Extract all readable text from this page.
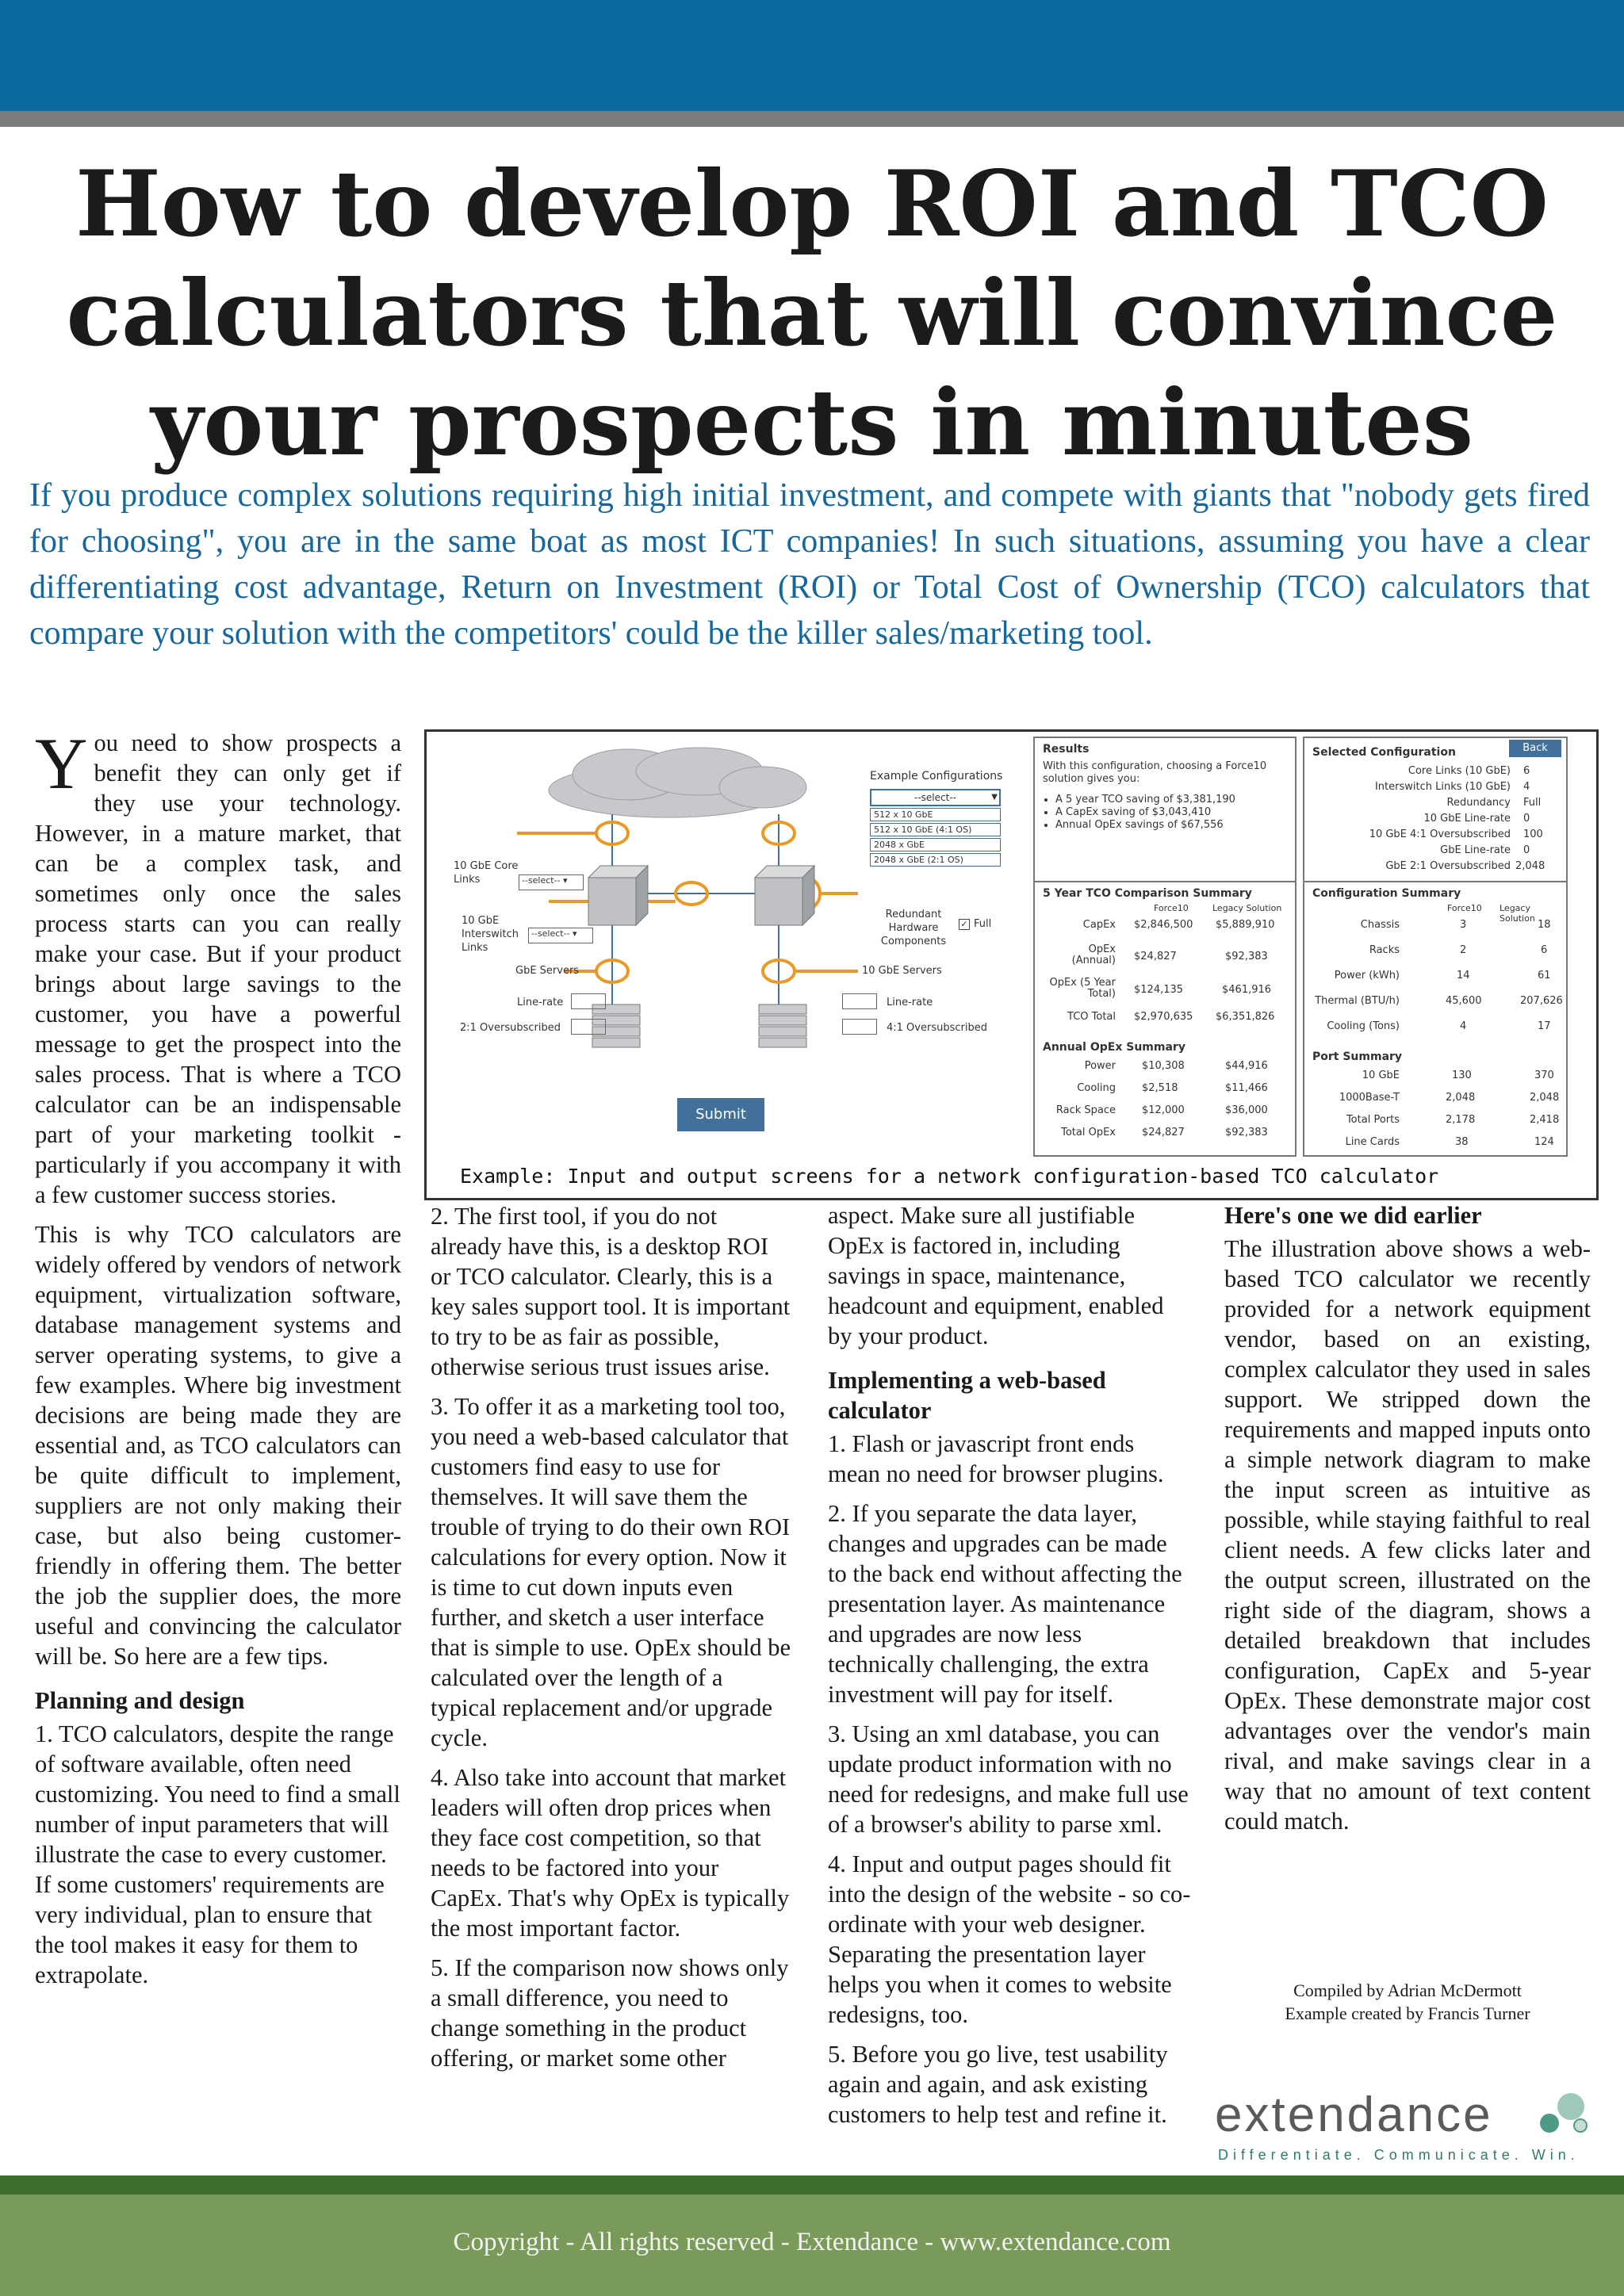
How to develop ROI and TCO
calculators that will convince
your prospects in minutes

If you produce complex solutions requiring high initial investment, and compete with giants that "nobody gets fired for choosing", you are in the same boat as most ICT companies! In such situations, assuming you have a clear differentiating cost advantage, Return on Investment (ROI) or Total Cost of Ownership (TCO) calculators that compare your solution with the competitors' could be the killer sales/marketing tool.

Y ou need to show prospects a benefit they can only get if they use your technology. However, in a mature market, that can be a complex task, and sometimes only once the sales process starts can you can really make your case. But if your product brings about large savings to the customer, you have a powerful message to get the prospect into the sales process. That is where a TCO calculator can be an indispensable part of your marketing toolkit - particularly if you accompany it with a few customer success stories.

This is why TCO calculators are widely offered by vendors of network equipment, virtualization software, database management systems and server operating systems, to give a few examples. Where big investment decisions are being made they are essential and, as TCO calculators can be quite difficult to implement, suppliers are not only making their case, but also being customer-friendly in offering them. The better the job the supplier does, the more useful and convincing the calculator will be. So here are a few tips.

Planning and design

1. TCO calculators, despite the range of software available, often need customizing. You need to find a small number of input parameters that will illustrate the case to every customer. If some customers' requirements are very individual, plan to ensure that the tool makes it easy for them to extrapolate.

Example Configurations
--select--	▼
512 x 10 GbE
512 x 10 GbE (4:1 OS)
2048 x GbE
2048 x GbE (2:1 OS)
10 GbE Core Links	--select-- ▾
10 GbE Interswitch Links
--select-- ▾
GbE Servers
Line-rate
2:1 Oversubscribed
Redundant Hardware Components
✓ Full
10 GbE Servers
Line-rate
4:1 Oversubscribed
Submit
Results
With this configuration, choosing a Force10 solution gives you:
• A 5 year TCO saving of $3,381,190
• A CapEx saving of $3,043,410
• Annual OpEx savings of $67,556
5 Year TCO Comparison Summary
Force10	Legacy Solution
CapEx $2,846,500 $5,889,910
OpEx (Annual) $24,827	$92,383
OpEx (5 Year Total) $124,135	$461,916
TCO Total $2,970,635 $6,351,826
Annual OpEx Summary
Power	$10,308	$44,916
Cooling	$2,518	$11,466
Rack Space	$12,000	$36,000
Total OpEx	$24,827	$92,383
Back
Selected Configuration
Core Links (10 GbE) 6
Interswitch Links (10 GbE) 4
Redundancy Full
10 GbE Line-rate 0
10 GbE 4:1 Oversubscribed 100
GbE Line-rate 0
GbE 2:1 Oversubscribed 2,048
Configuration Summary
Force10 Legacy Solution
Chassis	3	18
Racks	2	6
Power (kWh)	14	61
Thermal (BTU/h)	45,600	207,626
Cooling (Tons)	4	17
Port Summary
10 GbE	130	370
1000Base-T	2,048	2,048
Total Ports	2,178	2,418
Line Cards	38	124
Example: Input and output screens for a network configuration-based TCO calculator

2. The first tool, if you do not already have this, is a desktop ROI or TCO calculator. Clearly, this is a key sales support tool. It is important to try to be as fair as possible, otherwise serious trust issues arise.

3. To offer it as a marketing tool too, you need a web-based calculator that customers find easy to use for themselves. It will save them the trouble of trying to do their own ROI calculations for every option. Now it is time to cut down inputs even further, and sketch a user interface that is simple to use. OpEx should be calculated over the length of a typical replacement and/or upgrade cycle.

4. Also take into account that market leaders will often drop prices when they face cost competition, so that needs to be factored into your CapEx. That's why OpEx is typically the most important factor.

5. If the comparison now shows only a small difference, you need to change something in the product offering, or market some other

aspect. Make sure all justifiable OpEx is factored in, including savings in space, maintenance, headcount and equipment, enabled by your product.

Implementing a web-based calculator

1. Flash or javascript front ends mean no need for browser plugins.

2. If you separate the data layer, changes and upgrades can be made to the back end without affecting the presentation layer. As maintenance and upgrades are now less technically challenging, the extra investment will pay for itself.

3. Using an xml database, you can update product information with no need for redesigns, and make full use of a browser's ability to parse xml.

4. Input and output pages should fit into the design of the website - so co-ordinate with your web designer. Separating the presentation layer helps you when it comes to website redesigns, too.

5. Before you go live, test usability again and again, and ask existing customers to help test and refine it.

Here's one we did earlier

The illustration above shows a web-based TCO calculator we recently provided for a network equipment vendor, based on an existing, complex calculator they used in sales support. We stripped down the requirements and mapped inputs onto a simple network diagram to make the input screen as intuitive as possible, while staying faithful to real client needs. A few clicks later and the output screen, illustrated on the right side of the diagram, shows a detailed breakdown that includes configuration, CapEx and 5-year OpEx. These demonstrate major cost advantages over the vendor's main rival, and make savings clear in a way that no amount of text content could match.

Compiled by Adrian McDermott
Example created by Francis Turner
extendance
Differentiate. Communicate. Win.
Copyright - All rights reserved - Extendance - www.extendance.com
